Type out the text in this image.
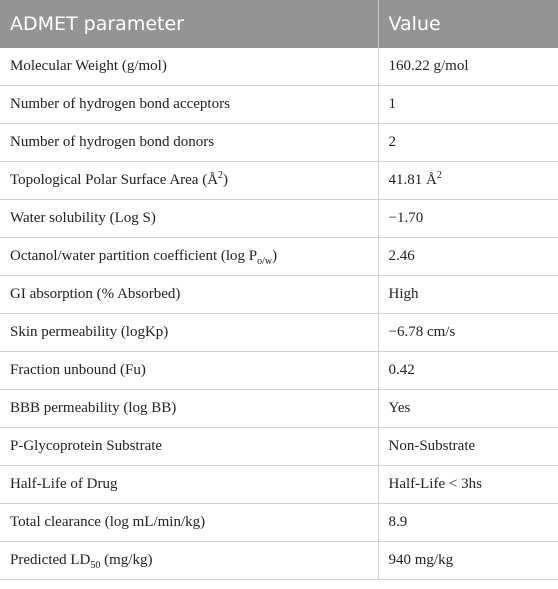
ADMET parameter	Value
Molecular Weight (g/mol)	160.22 g/mol
Number of hydrogen bond acceptors	1
Number of hydrogen bond donors	2
Topological Polar Surface Area $(Å^2)$	41.81 $Å^2$
Water solubility (Log S)	−1.70
Octanol/water partition coefficient (log $P_{o/w}$)	2.46
GI absorption (% Absorbed)	High
Skin permeability (logKp)	−6.78 cm/s
Fraction unbound (Fu)	0.42
BBB permeability (log BB)	Yes
P-Glycoprotein Substrate	Non-Substrate
Half-Life of Drug	Half-Life < 3hs
Total clearance (log mL/min/kg)	8.9
Predicted $LD_{50}$ (mg/kg)	940 mg/kg
